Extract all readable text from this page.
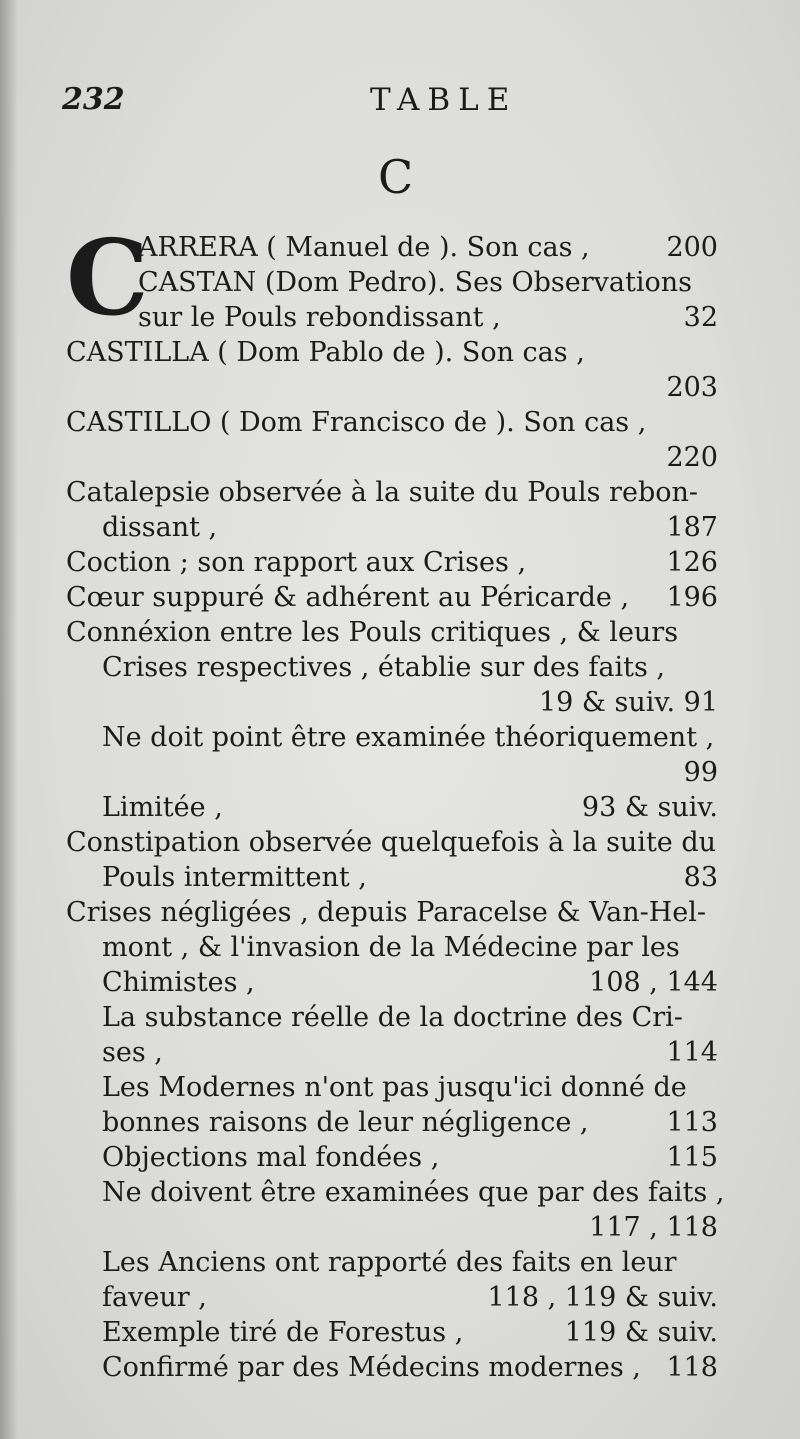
232	TABLE
C
C
ARRERA ( Manuel de ). Son cas ,	200
CASTAN (Dom Pedro). Ses Observations
sur le Pouls rebondissant ,	32
CASTILLA ( Dom Pablo de ). Son cas ,
203
CASTILLO ( Dom Francisco de ). Son cas ,
220
Catalepsie observée à la suite du Pouls rebon-
dissant ,	187
Coction ; son rapport aux Crises ,	126
Cœur suppuré & adhérent au Péricarde , 196
Connéxion entre les Pouls critiques , & leurs
Crises respectives , établie sur des faits ,
19 & suiv. 91
Ne doit point être examinée théoriquement ,
99
Limitée ,	93 & suiv.
Constipation observée quelquefois à la suite du
Pouls intermittent ,	83
Crises négligées , depuis Paracelse & Van-Hel-
mont , & l'invasion de la Médecine par les
Chimistes ,	108 , 144
La substance réelle de la doctrine des Cri-
ses ,	114
Les Modernes n'ont pas jusqu'ici donné de
bonnes raisons de leur négligence ,	113
Objections mal fondées ,	115
Ne doivent être examinées que par des faits ,
117 , 118
Les Anciens ont rapporté des faits en leur
faveur ,	118 , 119 & suiv.
Exemple tiré de Forestus ,	119 & suiv.
Confirmé par des Médecins modernes , 118
